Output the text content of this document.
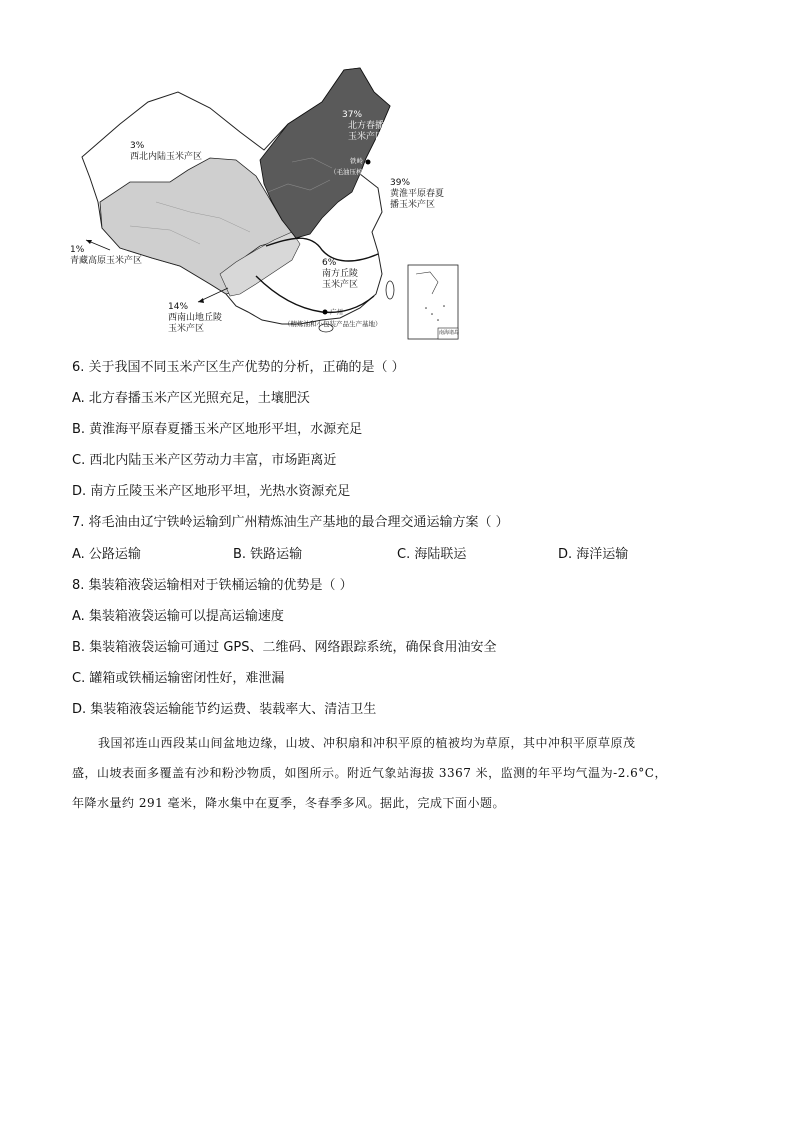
3%
西北内陆玉米产区
37%
北方春播
玉米产区
铁岭
（毛油压榨厂）
39%
黄淮平原春夏
播玉米产区
1%
青藏高原玉米产区	6%
南方丘陵
玉米产区
14%
西南山地丘陵
玉米产区
广州
（精炼油和小包装产品生产基地）
南海诸岛
6. 关于我国不同玉米产区生产优势的分析，正确的是（ ）
A. 北方春播玉米产区光照充足，土壤肥沃
B. 黄淮海平原春夏播玉米产区地形平坦，水源充足
C. 西北内陆玉米产区劳动力丰富，市场距离近
D. 南方丘陵玉米产区地形平坦，光热水资源充足
7. 将毛油由辽宁铁岭运输到广州精炼油生产基地的最合理交通运输方案（ ）
A. 公路运输	B. 铁路运输	C. 海陆联运	D. 海洋运输
8. 集装箱液袋运输相对于铁桶运输的优势是（ ）
A. 集装箱液袋运输可以提高运输速度
B. 集装箱液袋运输可通过 GPS、二维码、网络跟踪系统，确保食用油安全
C. 罐箱或铁桶运输密闭性好，难泄漏
D. 集装箱液袋运输能节约运费、装载率大、清洁卫生

我国祁连山西段某山间盆地边缘，山坡、冲积扇和冲积平原的植被均为草原，其中冲积平原草原茂

盛，山坡表面多覆盖有沙和粉沙物质，如图所示。附近气象站海拔 3367 米，监测的年平均气温为-2.6°C，

年降水量约 291 毫米，降水集中在夏季，冬春季多风。据此，完成下面小题。
